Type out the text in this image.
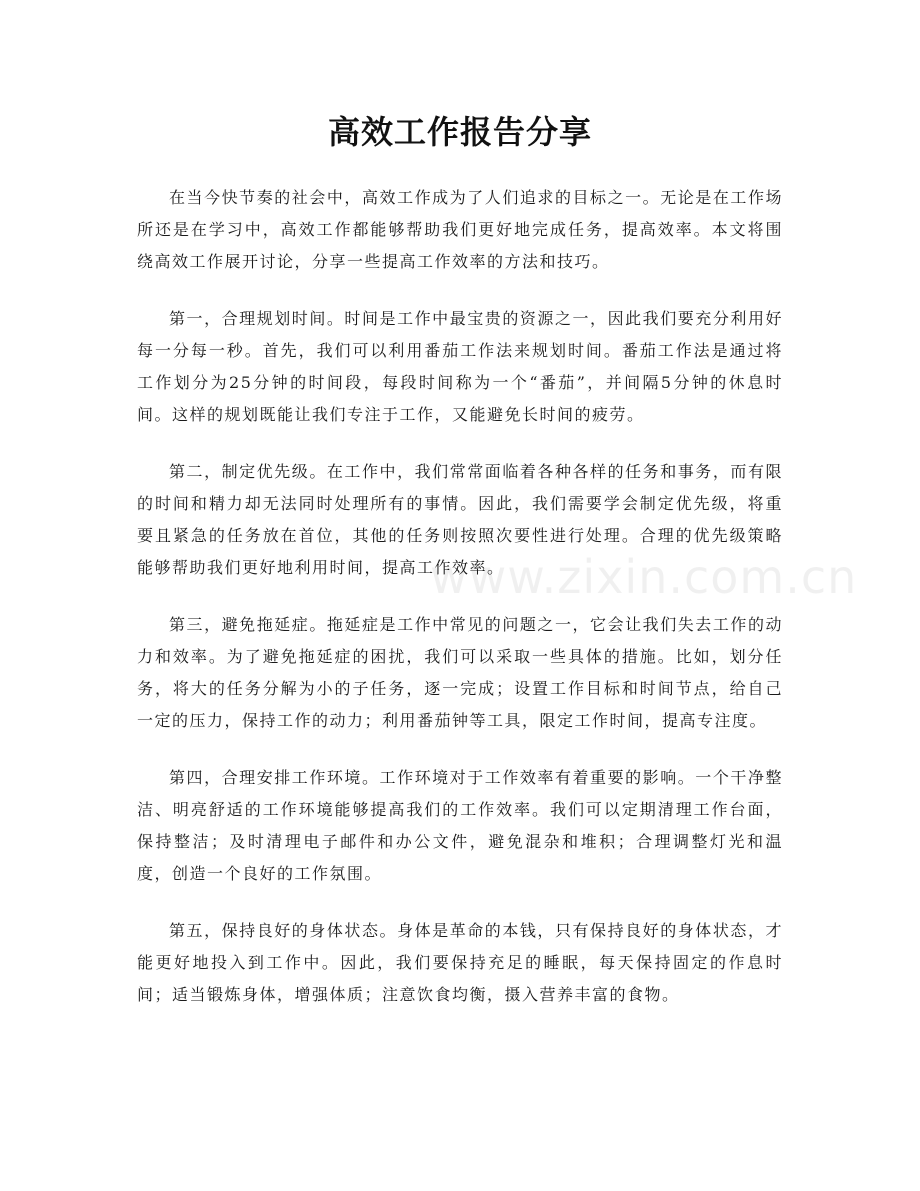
高效工作报告分享

在当今快节奏的社会中，高效工作成为了人们追求的目标之一。无论是在工作场所还是在学习中，高效工作都能够帮助我们更好地完成任务，提高效率。本文将围绕高效工作展开讨论，分享一些提高工作效率的方法和技巧。

第一，合理规划时间。时间是工作中最宝贵的资源之一，因此我们要充分利用好每一分每一秒。首先，我们可以利用番茄工作法来规划时间。番茄工作法是通过将工作划分为25分钟的时间段，每段时间称为一个“番茄”，并间隔5分钟的休息时间。这样的规划既能让我们专注于工作，又能避免长时间的疲劳。

第二，制定优先级。在工作中，我们常常面临着各种各样的任务和事务，而有限的时间和精力却无法同时处理所有的事情。因此，我们需要学会制定优先级，将重要且紧急的任务放在首位，其他的任务则按照次要性进行处理。合理的优先级策略能够帮助我们更好地利用时间，提高工作效率。

第三，避免拖延症。拖延症是工作中常见的问题之一，它会让我们失去工作的动力和效率。为了避免拖延症的困扰，我们可以采取一些具体的措施。比如，划分任务，将大的任务分解为小的子任务，逐一完成；设置工作目标和时间节点，给自己一定的压力，保持工作的动力；利用番茄钟等工具，限定工作时间，提高专注度。

第四，合理安排工作环境。工作环境对于工作效率有着重要的影响。一个干净整洁、明亮舒适的工作环境能够提高我们的工作效率。我们可以定期清理工作台面，保持整洁；及时清理电子邮件和办公文件，避免混杂和堆积；合理调整灯光和温度，创造一个良好的工作氛围。

第五，保持良好的身体状态。身体是革命的本钱，只有保持良好的身体状态，才能更好地投入到工作中。因此，我们要保持充足的睡眠，每天保持固定的作息时间；适当锻炼身体，增强体质；注意饮食均衡，摄入营养丰富的食物。

www.zixin.com.cn
